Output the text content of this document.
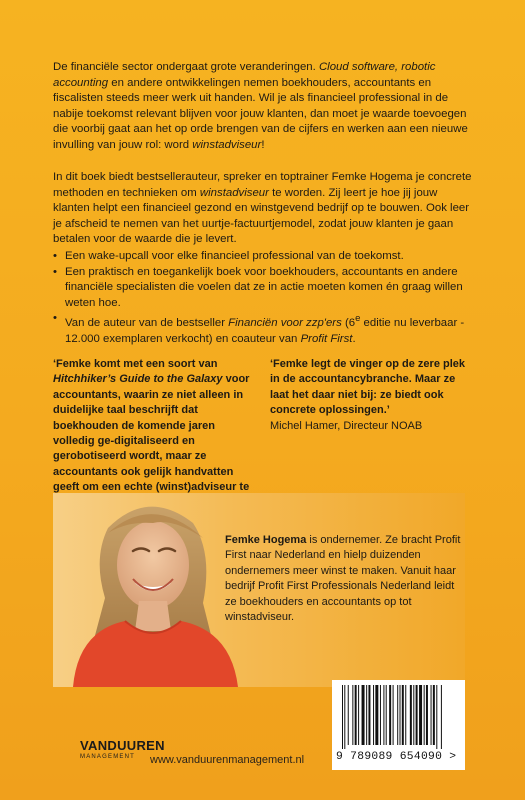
De financiële sector ondergaat grote veranderingen. Cloud software, robotic accounting en andere ontwikkelingen nemen boekhouders, accountants en fiscalisten steeds meer werk uit handen. Wil je als financieel professional in de nabije toekomst relevant blijven voor jouw klanten, dan moet je waarde toevoegen die voorbij gaat aan het op orde brengen van de cijfers en werken aan een nieuwe invulling van jouw rol: word winstadviseur!

In dit boek biedt bestsellerauteur, spreker en toptrainer Femke Hogema je concrete methoden en technieken om winstadviseur te worden. Zij leert je hoe jij jouw klanten helpt een financieel gezond en winstgevend bedrijf op te bouwen. Ook leer je afscheid te nemen van het uurtje-factuurtjemodel, zodat jouw klanten je gaan betalen voor de waarde die je levert.

• Een wake-upcall voor elke financieel professional van de toekomst.
• Een praktisch en toegankelijk boek voor boekhouders, accountants en andere financiële specialisten die voelen dat ze in actie moeten komen én graag willen weten hoe.
• Van de auteur van de bestseller Financiën voor zzp'ers (6e editie nu leverbaar - 12.000 exemplaren verkocht) en coauteur van Profit First.
‘Femke komt met een soort van Hitchhiker’s Guide to the Galaxy voor accountants, waarin ze niet alleen in duidelijke taal beschrijft dat boekhouden de komende jaren volledig ge-digitaliseerd en gerobotiseerd wordt, maar ze accountants ook gelijk handvatten geeft om een echte (winst)adviseur te
‘Femke legt de vinger op de zere plek in de accountancybranche. Maar ze laat het daar niet bij: ze biedt ook concrete oplossingen.’
Michel Hamer, Directeur NOAB

Femke Hogema is ondernemer. Ze bracht Profit First naar Nederland en hielp duizenden ondernemers meer winst te maken. Vanuit haar bedrijf Profit First Professionals Nederland leidt ze boekhouders en accountants op tot winstadviseur.

VANDUUREN
MANAGEMENT	www.vanduurenmanagement.nl	9 789089 654090 >
